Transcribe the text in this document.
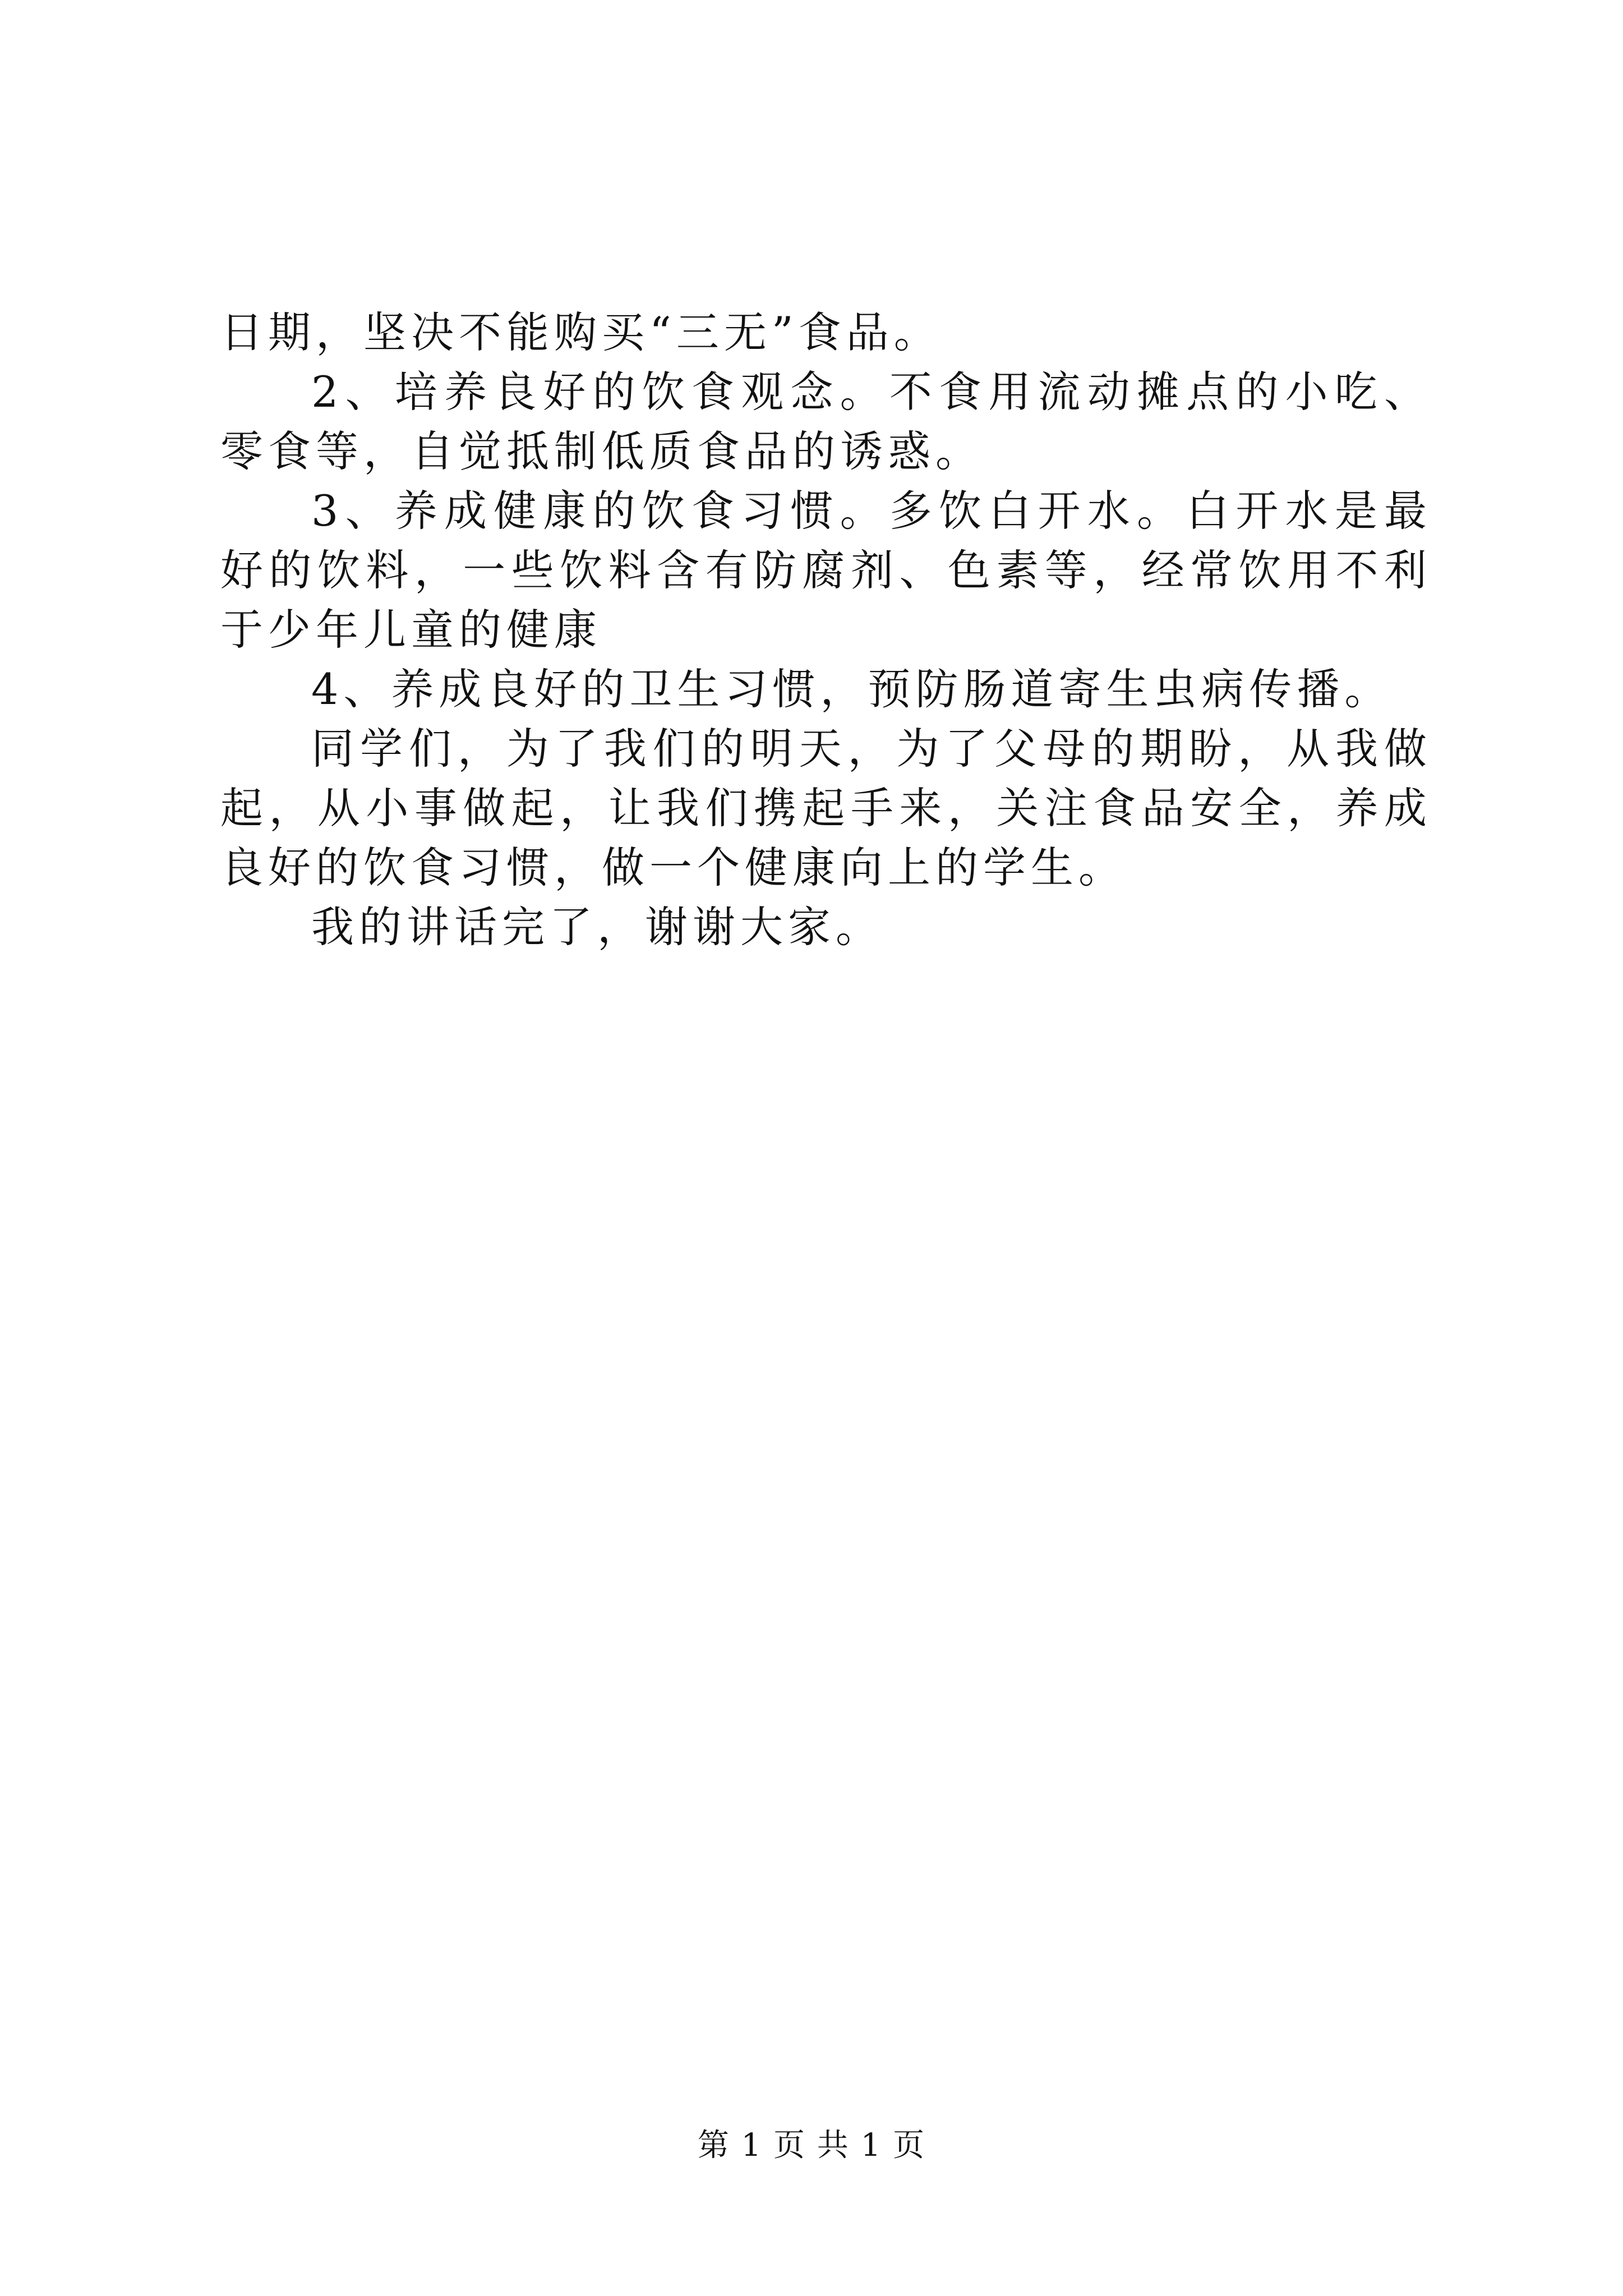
日期，坚决不能购买“三无”食品。

2、培养良好的饮食观念。不食用流动摊点的小吃、零食等，自觉抵制低质食品的诱惑。

3、养成健康的饮食习惯。多饮白开水。白开水是最好的饮料，一些饮料含有防腐剂、色素等，经常饮用不利于少年儿童的健康

4、养成良好的卫生习惯，预防肠道寄生虫病传播。

同学们，为了我们的明天，为了父母的期盼，从我做起，从小事做起，让我们携起手来，关注食品安全，养成良好的饮食习惯，做一个健康向上的学生。

我的讲话完了，谢谢大家。

第 1 页 共 1 页
